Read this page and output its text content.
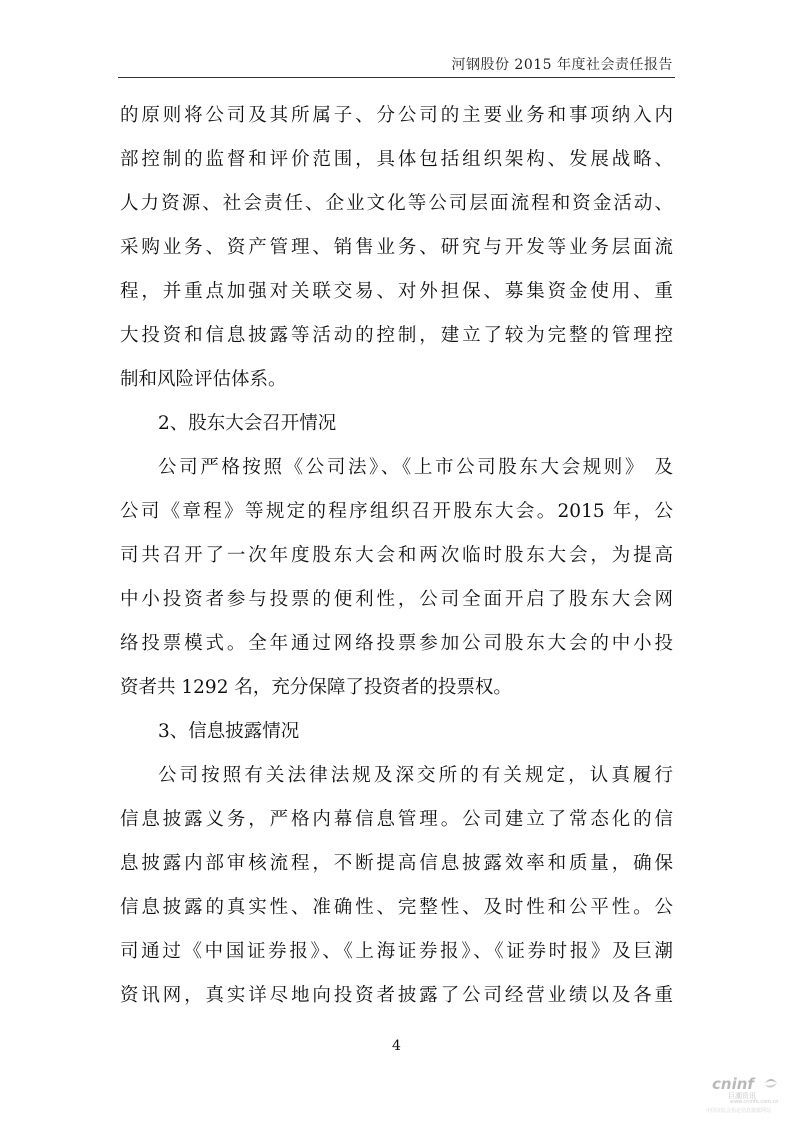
河钢股份 2015 年度社会责任报告
的原则将公司及其所属子、分公司的主要业务和事项纳入内
部控制的监督和评价范围，具体包括组织架构、发展战略、
人力资源、社会责任、企业文化等公司层面流程和资金活动、
采购业务、资产管理、销售业务、研究与开发等业务层面流
程，并重点加强对关联交易、对外担保、募集资金使用、重
大投资和信息披露等活动的控制，建立了较为完整的管理控
制和风险评估体系。
2、股东大会召开情况
公司严格按照《公司法》、《上市公司股东大会规则》 及
公司《章程》等规定的程序组织召开股东大会。2015 年，公
司共召开了一次年度股东大会和两次临时股东大会，为提高
中小投资者参与投票的便利性，公司全面开启了股东大会网
络投票模式。全年通过网络投票参加公司股东大会的中小投
资者共 1292 名，充分保障了投资者的投票权。
3、信息披露情况
公司按照有关法律法规及深交所的有关规定，认真履行
信息披露义务，严格内幕信息管理。公司建立了常态化的信
息披露内部审核流程，不断提高信息披露效率和质量，确保
信息披露的真实性、准确性、完整性、及时性和公平性。公
司通过《中国证券报》、《上海证券报》、《证券时报》及巨潮
资讯网，真实详尽地向投资者披露了公司经营业绩以及各重
4
cninf
巨潮资讯
www.cninfo.com.cn
中国证监会指定信息披露网站
